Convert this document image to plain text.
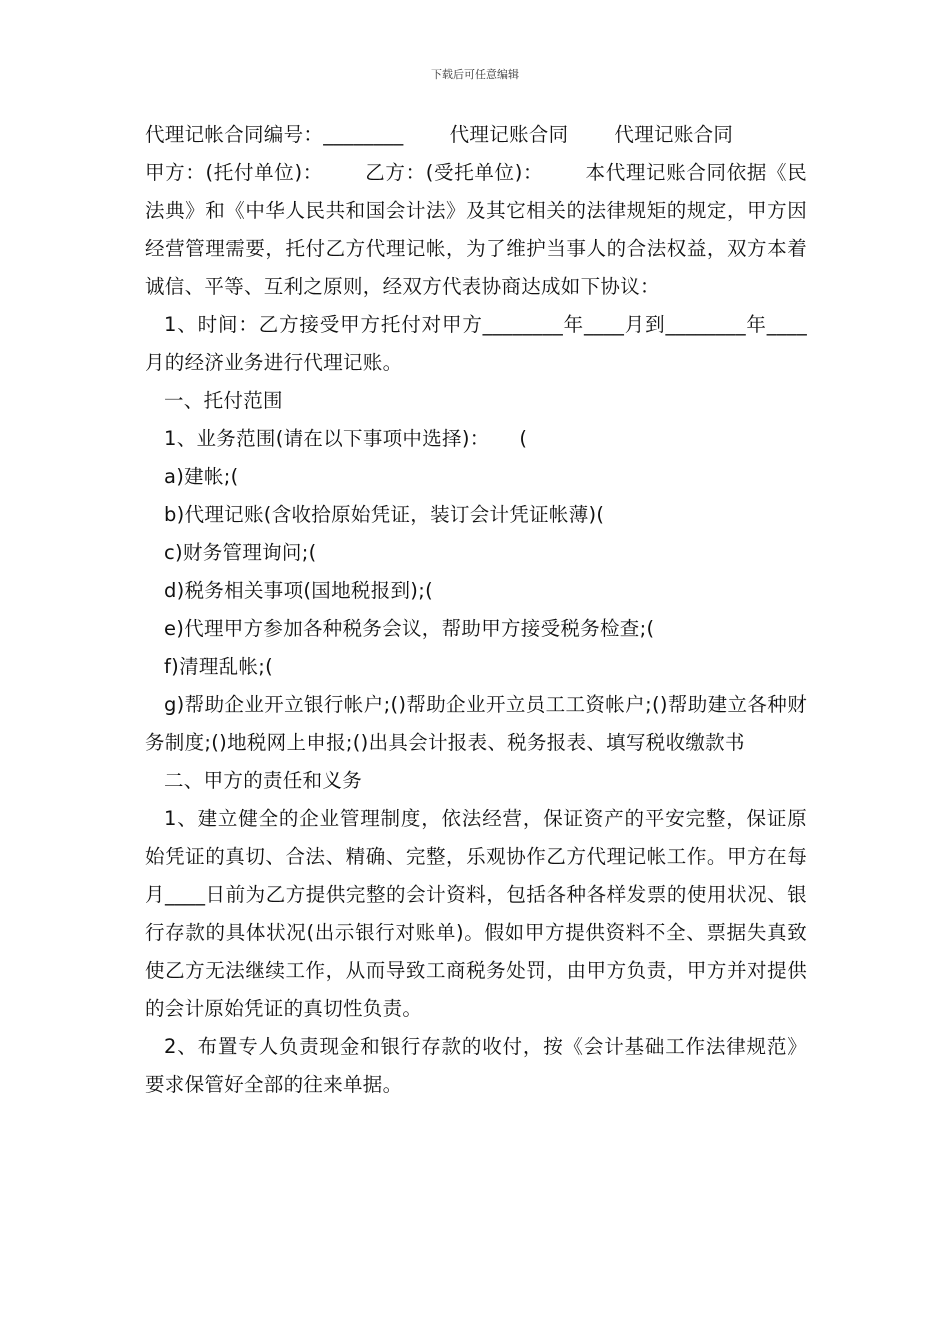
下载后可任意编辑

代理记帐合同编号：________ 代理记账合同 代理记账合同

甲方：(托付单位)： 乙方：(受托单位)： 本代理记账合同依据《民法典》和《中华人民共和国会计法》及其它相关的法律规矩的规定，甲方因经营管理需要，托付乙方代理记帐，为了维护当事人的合法权益，双方本着诚信、平等、互利之原则，经双方代表协商达成如下协议：

1、时间：乙方接受甲方托付对甲方________年____月到________年____月的经济业务进行代理记账。

一、托付范围

1、业务范围(请在以下事项中选择)：　　(

a)建帐;(

b)代理记账(含收拾原始凭证，装订会计凭证帐薄)(

c)财务管理询问;(

d)税务相关事项(国地税报到);(

e)代理甲方参加各种税务会议，帮助甲方接受税务检查;(

f)清理乱帐;(

g)帮助企业开立银行帐户;()帮助企业开立员工工资帐户;()帮助建立各种财务制度;()地税网上申报;()出具会计报表、税务报表、填写税收缴款书

二、甲方的责任和义务

1、建立健全的企业管理制度，依法经营，保证资产的平安完整，保证原始凭证的真切、合法、精确、完整，乐观协作乙方代理记帐工作。甲方在每月____日前为乙方提供完整的会计资料，包括各种各样发票的使用状况、银行存款的具体状况(出示银行对账单)。假如甲方提供资料不全、票据失真致使乙方无法继续工作，从而导致工商税务处罚，由甲方负责，甲方并对提供的会计原始凭证的真切性负责。

2、布置专人负责现金和银行存款的收付，按《会计基础工作法律规范》要求保管好全部的往来单据。
